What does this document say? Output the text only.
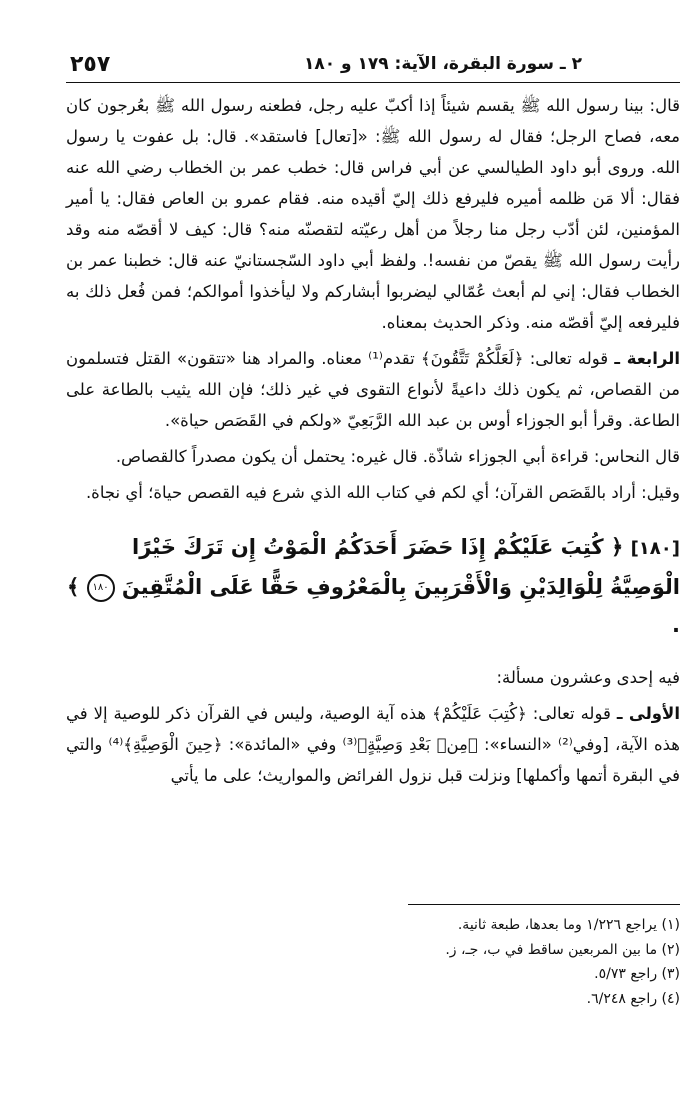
٢٥٧	٢ ـ سورة البقرة، الآية: ١٧٩ و ١٨٠

قال: بينا رسول الله ﷺ يقسم شيئاً إذا أكبّ عليه رجل، فطعنه رسول الله ﷺ بعُرجون كان معه، فصاح الرجل؛ فقال له رسول الله ﷺ: «[تعال] فاستقد». قال: بل عفوت يا رسول الله. وروى أبو داود الطيالسي عن أبي فراس قال: خطب عمر بن الخطاب رضي الله عنه فقال: ألا مَن ظلمه أميره فليرفع ذلك إليّ أقيده منه. فقام عمرو بن العاص فقال: يا أمير المؤمنين، لئن أدّب رجل منا رجلاً من أهل رعيّته لتقصنّه منه؟ قال: كيف لا أقصّه منه وقد رأيت رسول الله ﷺ يقصّ من نفسه!. ولفظ أبي داود السّجستانيّ عنه قال: خطبنا عمر بن الخطاب فقال: إني لم أبعث عُمّالي ليضربوا أبشاركم ولا ليأخذوا أموالكم؛ فمن فُعل ذلك به فليرفعه إليّ أقصّه منه. وذكر الحديث بمعناه.

الرابعة ـ قوله تعالى: ﴿لَعَلَّكُمْ تَتَّقُونَ﴾ تقدم⁽¹⁾ معناه. والمراد هنا «تتقون» القتل فتسلمون من القصاص، ثم يكون ذلك داعيةً لأنواع التقوى في غير ذلك؛ فإن الله يثيب بالطاعة على الطاعة. وقرأ أبو الجوزاء أوس بن عبد الله الرَّبَعِيّ «ولكم في القَصَص حياة».

قال النحاس: قراءة أبي الجوزاء شاذّة. قال غيره: يحتمل أن يكون مصدراً كالقصاص.

وقيل: أراد بالقَصَص القرآن؛ أي لكم في كتاب الله الذي شرع فيه القصص حياة؛ أي نجاة.

[١٨٠] ﴿ كُتِبَ عَلَيْكُمْ إِذَا حَضَرَ أَحَدَكُمُ الْمَوْتُ إِن تَرَكَ خَيْرًا الْوَصِيَّةُ لِلْوَالِدَيْنِ وَالْأَقْرَبِينَ بِالْمَعْرُوفِ حَقًّا عَلَى الْمُتَّقِينَ ١٨٠ ﴾ .

فيه إحدى وعشرون مسألة:

الأولى ـ قوله تعالى: ﴿كُتِبَ عَلَيْكُمْ﴾ هذه آية الوصية، وليس في القرآن ذكر للوصية إلا في هذه الآية، [وفي⁽²⁾ «النساء»: ﴿مِنۢ بَعْدِ وَصِيَّةٍ﴾⁽³⁾ وفي «المائدة»: ﴿حِينَ الْوَصِيَّةِ﴾⁽⁴⁾ والتي في البقرة أتمها وأكملها] ونزلت قبل نزول الفرائض والمواريث؛ على ما يأتي

(١) يراجع ١/٢٢٦ وما بعدها، طبعة ثانية.
(٢) ما بين المربعين ساقط في ب، جـ، ز.
(٣) راجع ٥/٧٣.
(٤) راجع ٦/٢٤٨.
